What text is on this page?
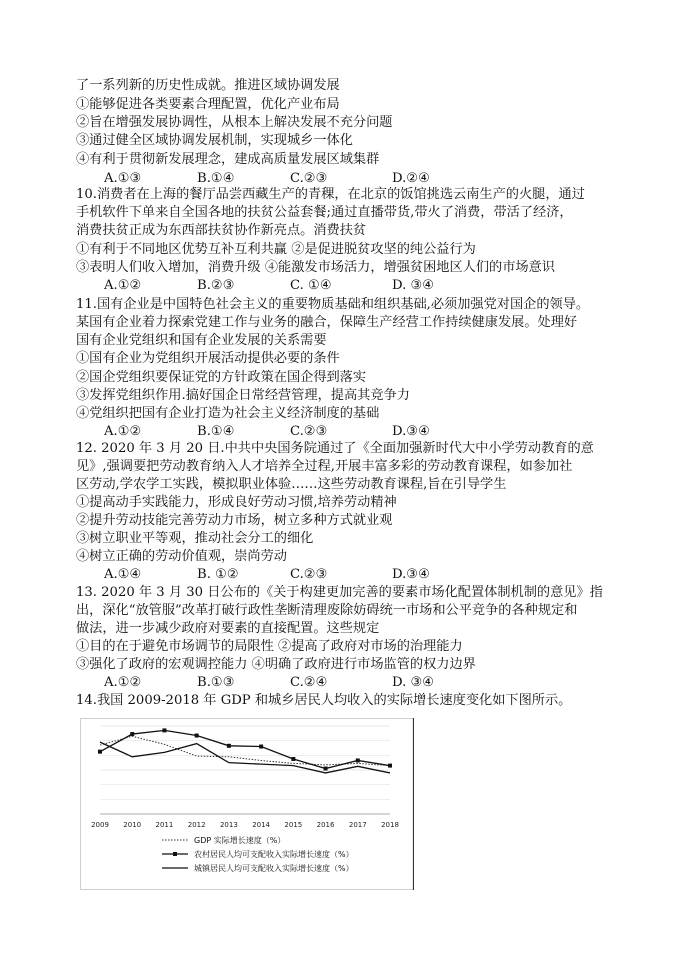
了一系列新的历史性成就。推进区域协调发展
①能够促进各类要素合理配置，优化产业布局
②旨在增强发展协调性，从根本上解决发展不充分问题
③通过健全区域协调发展机制，实现城乡一体化
④有利于贯彻新发展理念，建成高质量发展区域集群
10.消费者在上海的餐厅品尝西藏生产的青稞，在北京的饭馆挑选云南生产的火腿，通过
手机软件下单来自全国各地的扶贫公益套餐;通过直播带货,带火了消费，带活了经济，
消费扶贫正成为东西部扶贫协作新亮点。消费扶贫
①有利于不同地区优势互补互利共赢 ②是促进脱贫攻坚的纯公益行为
③表明人们收入增加，消费升级 ④能激发市场活力，增强贫困地区人们的市场意识
11.国有企业是中国特色社会主义的重要物质基础和组织基础,必须加强党对国企的领导。
某国有企业着力探索党建工作与业务的融合，保障生产经营工作持续健康发展。处理好
国有企业党组织和国有企业发展的关系需要
①国有企业为党组织开展活动提供必要的条件
②国企党组织要保证党的方针政策在国企得到落实
③发挥党组织作用.搞好国企日常经营管理，提高其竞争力
④党组织把国有企业打造为社会主义经济制度的基础
12. 2020 年 3 月 20 日.中共中央国务院通过了《全面加强新时代大中小学劳动教育的意
见》,强调要把劳动教育纳入人才培养全过程,开展丰富多彩的劳动教育课程，如参加社
区劳动,学农学工实践，模拟职业体验……这些劳动教育课程,旨在引导学生
①提高动手实践能力，形成良好劳动习惯,培养劳动精神
②提升劳动技能完善劳动力市场，树立多种方式就业观
③树立职业平等观，推动社会分工的细化
④树立正确的劳动价值观，崇尚劳动
13. 2020 年 3 月 30 日公布的《关于构建更加完善的要素市场化配置体制机制的意见》指
出，深化“放管服”改革打破行政性垄断清理废除妨碍统一市场和公平竞争的各种规定和
做法，进一步减少政府对要素的直接配置。这些规定
①目的在于避免市场调节的局限性 ②提高了政府对市场的治理能力
③强化了政府的宏观调控能力 ④明确了政府进行市场监管的权力边界
14.我国 2009-2018 年 GDP 和城乡居民人均收入的实际增长速度变化如下图所示。
A.①③	B.①④	C.②③	D.②④
A.①②	B.②③	C. ①④	D. ③④
A.①②	B.①④	C.②③	D.③④
A.①④	B. ①②	C.②③	D.③④
A.①②	B.①③	C.②④	D. ③④
2009 2010 2011 2012 2013 2014 2015 2016 2017 2018
GDP 实际增长速度（%）
农村居民人均可支配收入实际增长速度（%）
城镇居民人均可支配收入实际增长速度（%）
